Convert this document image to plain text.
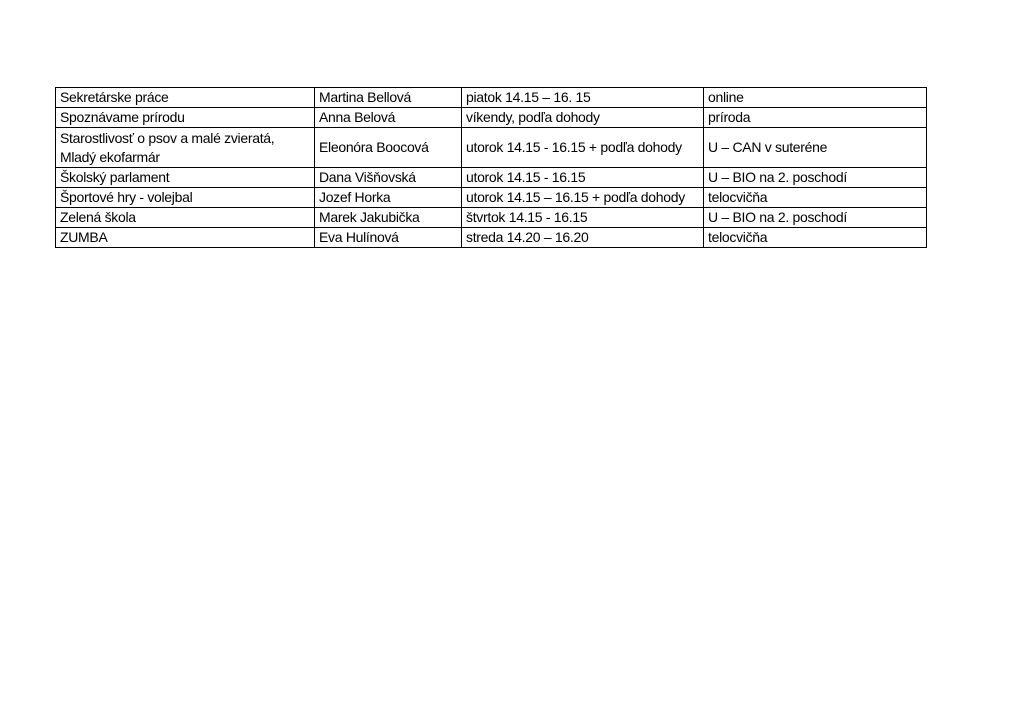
Sekretárske práce	Martina Bellová	piatok 14.15 – 16. 15	online
Spoznávame prírodu	Anna Belová	víkendy, podľa dohody	príroda
Starostlivosť o psov a malé zvieratá,
Mladý ekofarmár	Eleonóra Boocová	utorok 14.15 - 16.15 + podľa dohody	U – CAN v suteréne
Školský parlament	Dana Višňovská	utorok 14.15 - 16.15	U – BIO na 2. poschodí
Športové hry - volejbal	Jozef Horka	utorok 14.15 – 16.15 + podľa dohody	telocvičňa
Zelená škola	Marek Jakubička	štvrtok 14.15 - 16.15	U – BIO na 2. poschodí
ZUMBA	Eva Hulínová	streda 14.20 – 16.20	telocvičňa
